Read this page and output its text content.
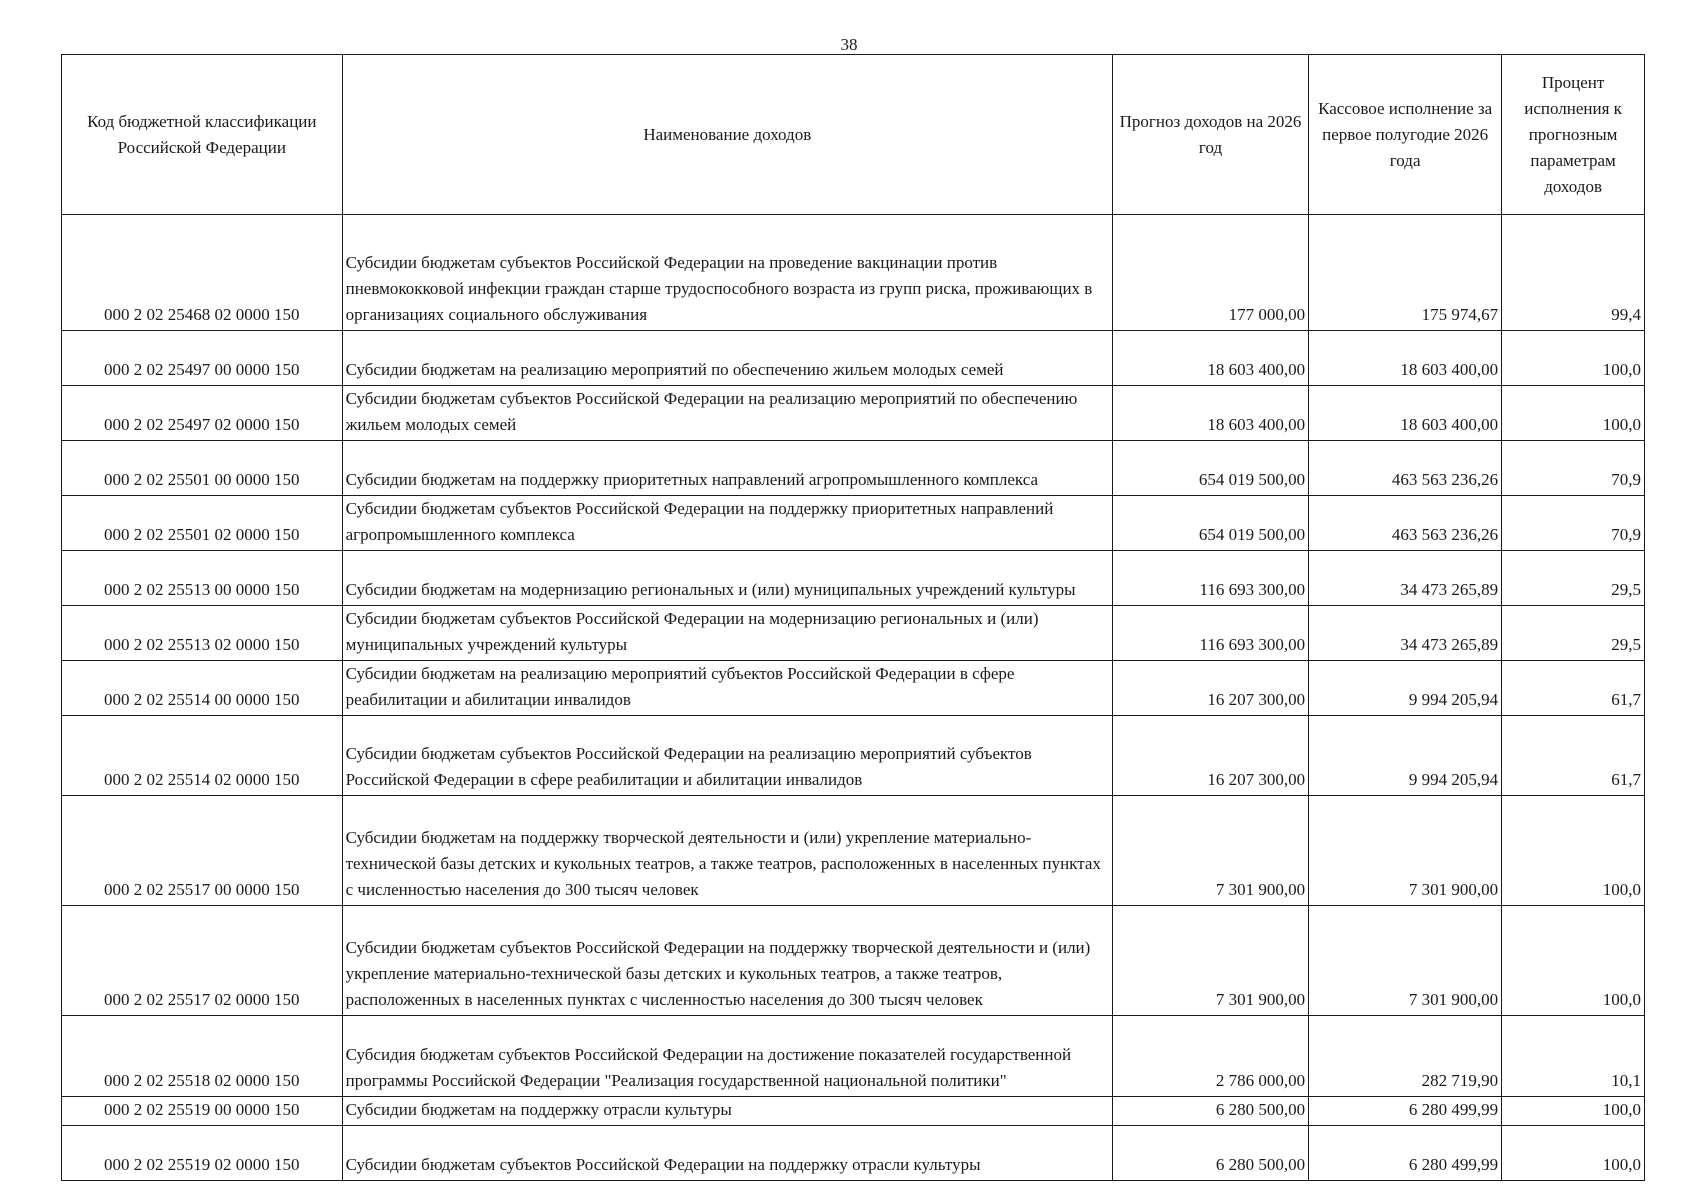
38
Код бюджетной классификации Российской Федерации	Наименование доходов	Прогноз доходов на 2026 год	Кассовое исполнение за первое полугодие 2026 года	Процент исполнения к прогнозным параметрам доходов
000 2 02 25468 02 0000 150	Субсидии бюджетам субъектов Российской Федерации на проведение вакцинации против пневмококковой инфекции граждан старше трудоспособного возраста из групп риска, проживающих в организациях социального обслуживания	177 000,00	175 974,67	99,4
000 2 02 25497 00 0000 150	Субсидии бюджетам на реализацию мероприятий по обеспечению жильем молодых семей	18 603 400,00	18 603 400,00	100,0
000 2 02 25497 02 0000 150	Субсидии бюджетам субъектов Российской Федерации на реализацию мероприятий по обеспечению жильем молодых семей	18 603 400,00	18 603 400,00	100,0
000 2 02 25501 00 0000 150	Субсидии бюджетам на поддержку приоритетных направлений агропромышленного комплекса	654 019 500,00	463 563 236,26	70,9
000 2 02 25501 02 0000 150	Субсидии бюджетам субъектов Российской Федерации на поддержку приоритетных направлений агропромышленного комплекса	654 019 500,00	463 563 236,26	70,9
000 2 02 25513 00 0000 150	Субсидии бюджетам на модернизацию региональных и (или) муниципальных учреждений культуры	116 693 300,00	34 473 265,89	29,5
000 2 02 25513 02 0000 150	Субсидии бюджетам субъектов Российской Федерации на модернизацию региональных и (или) муниципальных учреждений культуры	116 693 300,00	34 473 265,89	29,5
000 2 02 25514 00 0000 150	Субсидии бюджетам на реализацию мероприятий субъектов Российской Федерации в сфере реабилитации и абилитации инвалидов	16 207 300,00	9 994 205,94	61,7
000 2 02 25514 02 0000 150	Субсидии бюджетам субъектов Российской Федерации на реализацию мероприятий субъектов Российской Федерации в сфере реабилитации и абилитации инвалидов	16 207 300,00	9 994 205,94	61,7
000 2 02 25517 00 0000 150	Субсидии бюджетам на поддержку творческой деятельности и (или) укрепление материально-технической базы детских и кукольных театров, а также театров, расположенных в населенных пунктах с численностью населения до 300 тысяч человек	7 301 900,00	7 301 900,00	100,0
000 2 02 25517 02 0000 150	Субсидии бюджетам субъектов Российской Федерации на поддержку творческой деятельности и (или) укрепление материально-технической базы детских и кукольных театров, а также театров, расположенных в населенных пунктах с численностью населения до 300 тысяч человек	7 301 900,00	7 301 900,00	100,0
000 2 02 25518 02 0000 150	Субсидия бюджетам субъектов Российской Федерации на достижение показателей государственной программы Российской Федерации "Реализация государственной национальной политики"	2 786 000,00	282 719,90	10,1
000 2 02 25519 00 0000 150	Субсидии бюджетам на поддержку отрасли культуры	6 280 500,00	6 280 499,99	100,0
000 2 02 25519 02 0000 150	Субсидии бюджетам субъектов Российской Федерации на поддержку отрасли культуры	6 280 500,00	6 280 499,99	100,0
